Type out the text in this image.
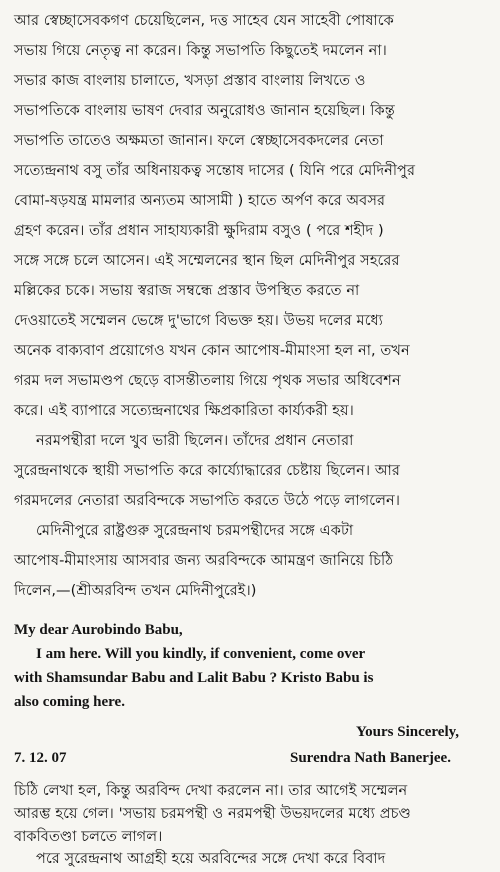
আর স্বেচ্ছাসেবকগণ চেয়েছিলেন, দত্ত সাহেব যেন সাহেবী পোষাকে
সভায় গিয়ে নেতৃত্ব না করেন। কিন্তু সভাপতি কিছুতেই দমলেন না।
সভার কাজ বাংলায় চালাতে, খসড়া প্রস্তাব বাংলায় লিখতে ও
সভাপতিকে বাংলায় ভাষণ দেবার অনুরোধও জানান হয়েছিল। কিন্তু
সভাপতি তাতেও অক্ষমতা জানান। ফলে স্বেচ্ছাসেবকদলের নেতা
সত্যেন্দ্রনাথ বসু তাঁর অধিনায়কত্ব সন্তোষ দাসের ( যিনি পরে মেদিনীপুর
বোমা-ষড়যন্ত্র মামলার অন্যতম আসামী ) হাতে অর্পণ করে অবসর
গ্রহণ করেন। তাঁর প্রধান সাহায্যকারী ক্ষুদিরাম বসুও ( পরে শহীদ )
সঙ্গে সঙ্গে চলে আসেন। এই সম্মেলনের স্থান ছিল মেদিনীপুর সহরের
মল্লিকের চকে। সভায় স্বরাজ সম্বন্ধে প্রস্তাব উপস্থিত করতে না
দেওয়াতেই সম্মেলন ভেঙ্গে দু'ভাগে বিভক্ত হয়। উভয় দলের মধ্যে
অনেক বাক্যবাণ প্রয়োগেও যখন কোন আপোষ-মীমাংসা হল না, তখন
গরম দল সভামণ্ডপ ছেড়ে বাসন্তীতলায় গিয়ে পৃথক সভার অধিবেশন
করে। এই ব্যাপারে সত্যেন্দ্রনাথের ক্ষিপ্রকারিতা কার্য্যকরী হয়।
নরমপন্থীরা দলে খুব ভারী ছিলেন। তাঁদের প্রধান নেতারা
সুরেন্দ্রনাথকে স্থায়ী সভাপতি করে কার্য্যোদ্ধারের চেষ্টায় ছিলেন। আর
গরমদলের নেতারা অরবিন্দকে সভাপতি করতে উঠে পড়ে লাগলেন।
মেদিনীপুরে রাষ্ট্রগুরু সুরেন্দ্রনাথ চরমপন্থীদের সঙ্গে একটা
আপোষ-মীমাংসায় আসবার জন্য অরবিন্দকে আমন্ত্রণ জানিয়ে চিঠি
দিলেন,—(শ্রীঅরবিন্দ তখন মেদিনীপুরেই।)
My dear Aurobindo Babu,
I am here. Will you kindly, if convenient, come over
with Shamsundar Babu and Lalit Babu ? Kristo Babu is
also coming here.
Yours Sincerely,
7. 12. 07	Surendra Nath Banerjee.
চিঠি লেখা হল, কিন্তু অরবিন্দ দেখা করলেন না। তার আগেই সম্মেলন
আরম্ভ হয়ে গেল। 'সভায় চরমপন্থী ও নরমপন্থী উভয়দলের মধ্যে প্রচণ্ড
বাকবিতণ্ডা চলতে লাগল।
পরে সুরেন্দ্রনাথ আগ্রহী হয়ে অরবিন্দের সঙ্গে দেখা করে বিবাদ
